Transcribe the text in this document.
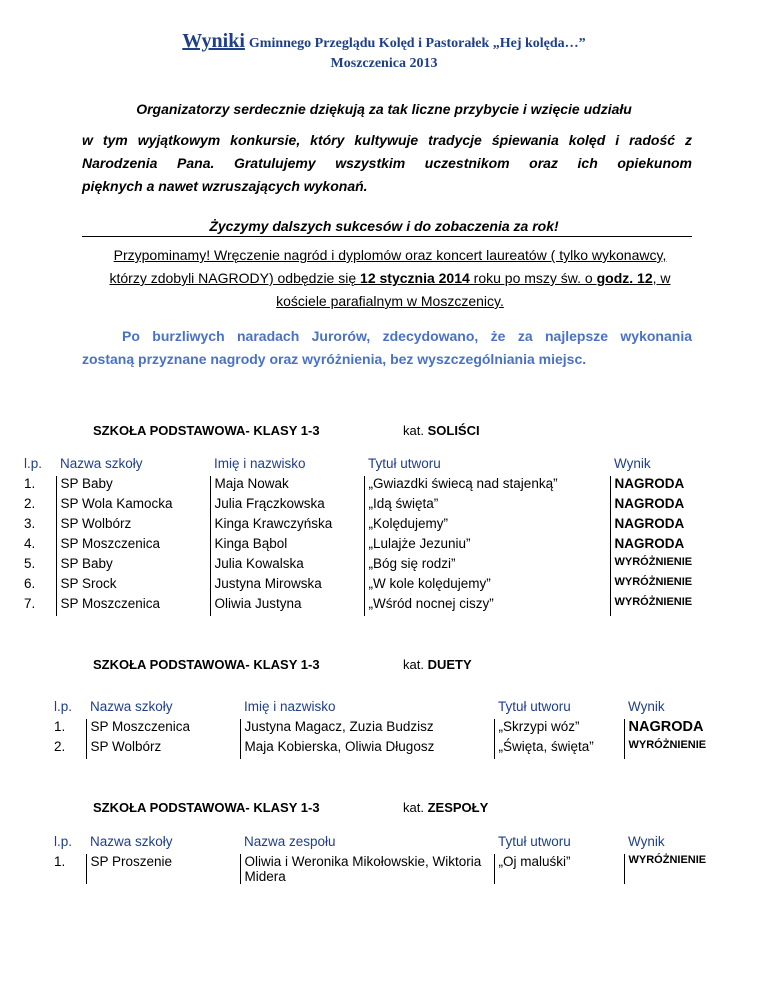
Wyniki Gminnego Przeglądu Kolęd i Pastorałek „Hej kolęda…”
Moszczenica 2013
Organizatorzy serdecznie dziękują za tak liczne przybycie i wzięcie udziału
w tym wyjątkowym konkursie, który kultywuje tradycje śpiewania kolęd i radość z
Narodzenia Pana. Gratulujemy wszystkim uczestnikom oraz ich opiekunom
pięknych a nawet wzruszających wykonań.
Życzymy dalszych sukcesów i do zobaczenia za rok!
Przypominamy! Wręczenie nagród i dyplomów oraz koncert laureatów ( tylko wykonawcy, którzy zdobyli NAGRODY) odbędzie się 12 stycznia 2014 roku po mszy św. o godz. 12, w kościele parafialnym w Moszczenicy.
Po burzliwych naradach Jurorów, zdecydowano, że za najlepsze wykonania
zostaną przyznane nagrody oraz wyróżnienia, bez wyszczególniania miejsc.
SZKOŁA PODSTAWOWA- KLASY 1-3	kat. SOLIŚCI
l.p.	Nazwa szkoły	Imię i nazwisko	Tytuł utworu	Wynik
1.	SP Baby	Maja Nowak	„Gwiazdki świecą nad stajenką”	NAGRODA
2.	SP Wola Kamocka	Julia Frączkowska	„Idą święta”	NAGRODA
3.	SP Wolbórz	Kinga Krawczyńska	„Kolędujemy”	NAGRODA
4.	SP Moszczenica	Kinga Bąbol	„Lulajże Jezuniu”	NAGRODA
5.	SP Baby	Julia Kowalska	„Bóg się rodzi”	WYRÓŻNIENIE
6.	SP Srock	Justyna Mirowska	„W kole kolędujemy”	WYRÓŻNIENIE
7.	SP Moszczenica	Oliwia Justyna	„Wśród nocnej ciszy”	WYRÓŻNIENIE
SZKOŁA PODSTAWOWA- KLASY 1-3	kat. DUETY
l.p.	Nazwa szkoły	Imię i nazwisko	Tytuł utworu	Wynik
1.	SP Moszczenica	Justyna Magacz, Zuzia Budzisz	„Skrzypi wóz”	NAGRODA
2.	SP Wolbórz	Maja Kobierska, Oliwia Długosz	„Święta, święta”	WYRÓŻNIENIE
SZKOŁA PODSTAWOWA- KLASY 1-3	kat. ZESPOŁY
l.p.	Nazwa szkoły	Nazwa zespołu	Tytuł utworu	Wynik
1.	SP Proszenie	Oliwia i Weronika Mikołowskie, Wiktoria Midera	„Oj maluśki”	WYRÓŻNIENIE
